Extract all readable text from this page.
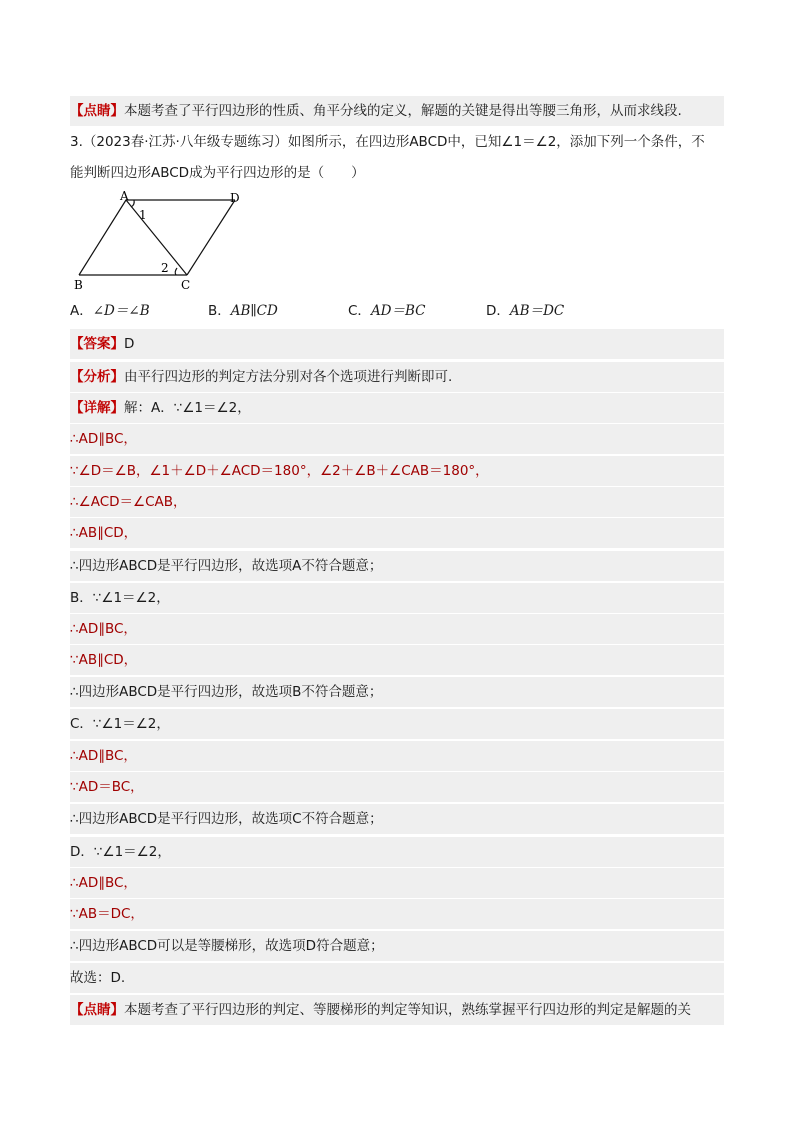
【点睛】本题考查了平行四边形的性质、角平分线的定义，解题的关键是得出等腰三角形，从而求线段.
3.（2023春·江苏·八年级专题练习）如图所示，在四边形ABCD中，已知∠1＝∠2，添加下列一个条件，不
能判断四边形ABCD成为平行四边形的是（　　）
A	D
B	C
1
2
A．∠D＝∠B	B．AB∥CD	C．AD＝BC	D．AB＝DC
【答案】D
【分析】由平行四边形的判定方法分别对各个选项进行判断即可.
【详解】解：A．∵∠1＝∠2，
∴AD∥BC，
∵∠D＝∠B，∠1＋∠D＋∠ACD＝180°，∠2＋∠B＋∠CAB＝180°，
∴∠ACD＝∠CAB，
∴AB∥CD，
∴四边形ABCD是平行四边形，故选项A不符合题意；
B．∵∠1＝∠2，
∴AD∥BC，
∵AB∥CD，
∴四边形ABCD是平行四边形，故选项B不符合题意；
C．∵∠1＝∠2，
∴AD∥BC，
∵AD＝BC，
∴四边形ABCD是平行四边形，故选项C不符合题意；
D．∵∠1＝∠2，
∴AD∥BC，
∵AB＝DC，
∴四边形ABCD可以是等腰梯形，故选项D符合题意；
故选：D.
【点睛】本题考查了平行四边形的判定、等腰梯形的判定等知识，熟练掌握平行四边形的判定是解题的关
